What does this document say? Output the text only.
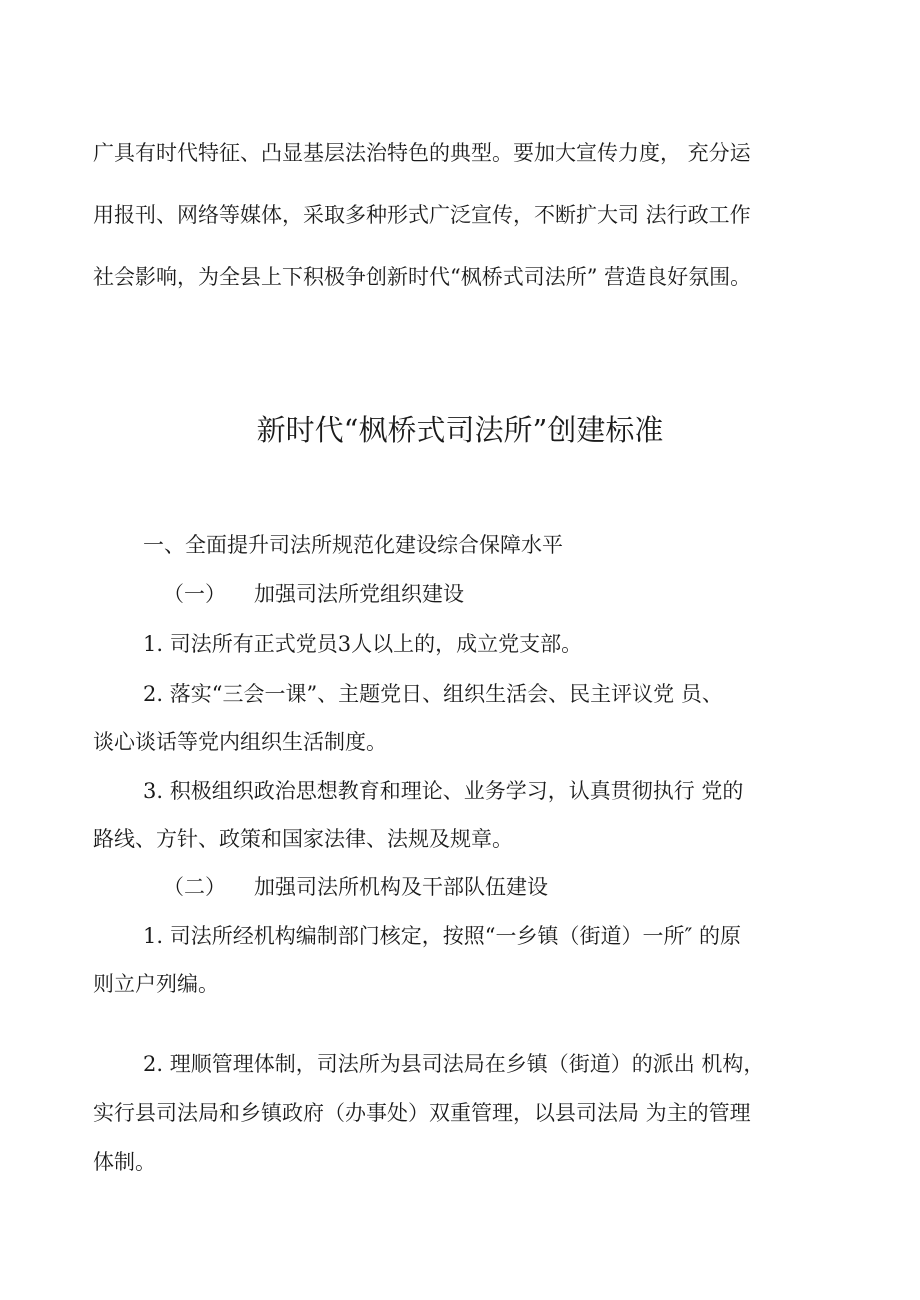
广具有时代特征、凸显基层法治特色的典型。要加大宣传力度， 充分运
用报刊、网络等媒体，采取多种形式广泛宣传，不断扩大司 法行政工作
社会影响，为全县上下积极争创新时代“枫桥式司法所” 营造良好氛围。
新时代“枫桥式司法所”创建标准
一、全面提升司法所规范化建设综合保障水平
（一） 加强司法所党组织建设
1. 司法所有正式党员3人以上的，成立党支部。
2. 落实“三会一课”、主题党日、组织生活会、民主评议党 员、
谈心谈话等党内组织生活制度。
3. 积极组织政治思想教育和理论、业务学习，认真贯彻执行 党的
路线、方针、政策和国家法律、法规及规章。
（二） 加强司法所机构及干部队伍建设
1. 司法所经机构编制部门核定，按照“一乡镇（街道）一所″ 的原
则立户列编。
2. 理顺管理体制，司法所为县司法局在乡镇（街道）的派出 机构，
实行县司法局和乡镇政府（办事处）双重管理，以县司法局 为主的管理
体制。
